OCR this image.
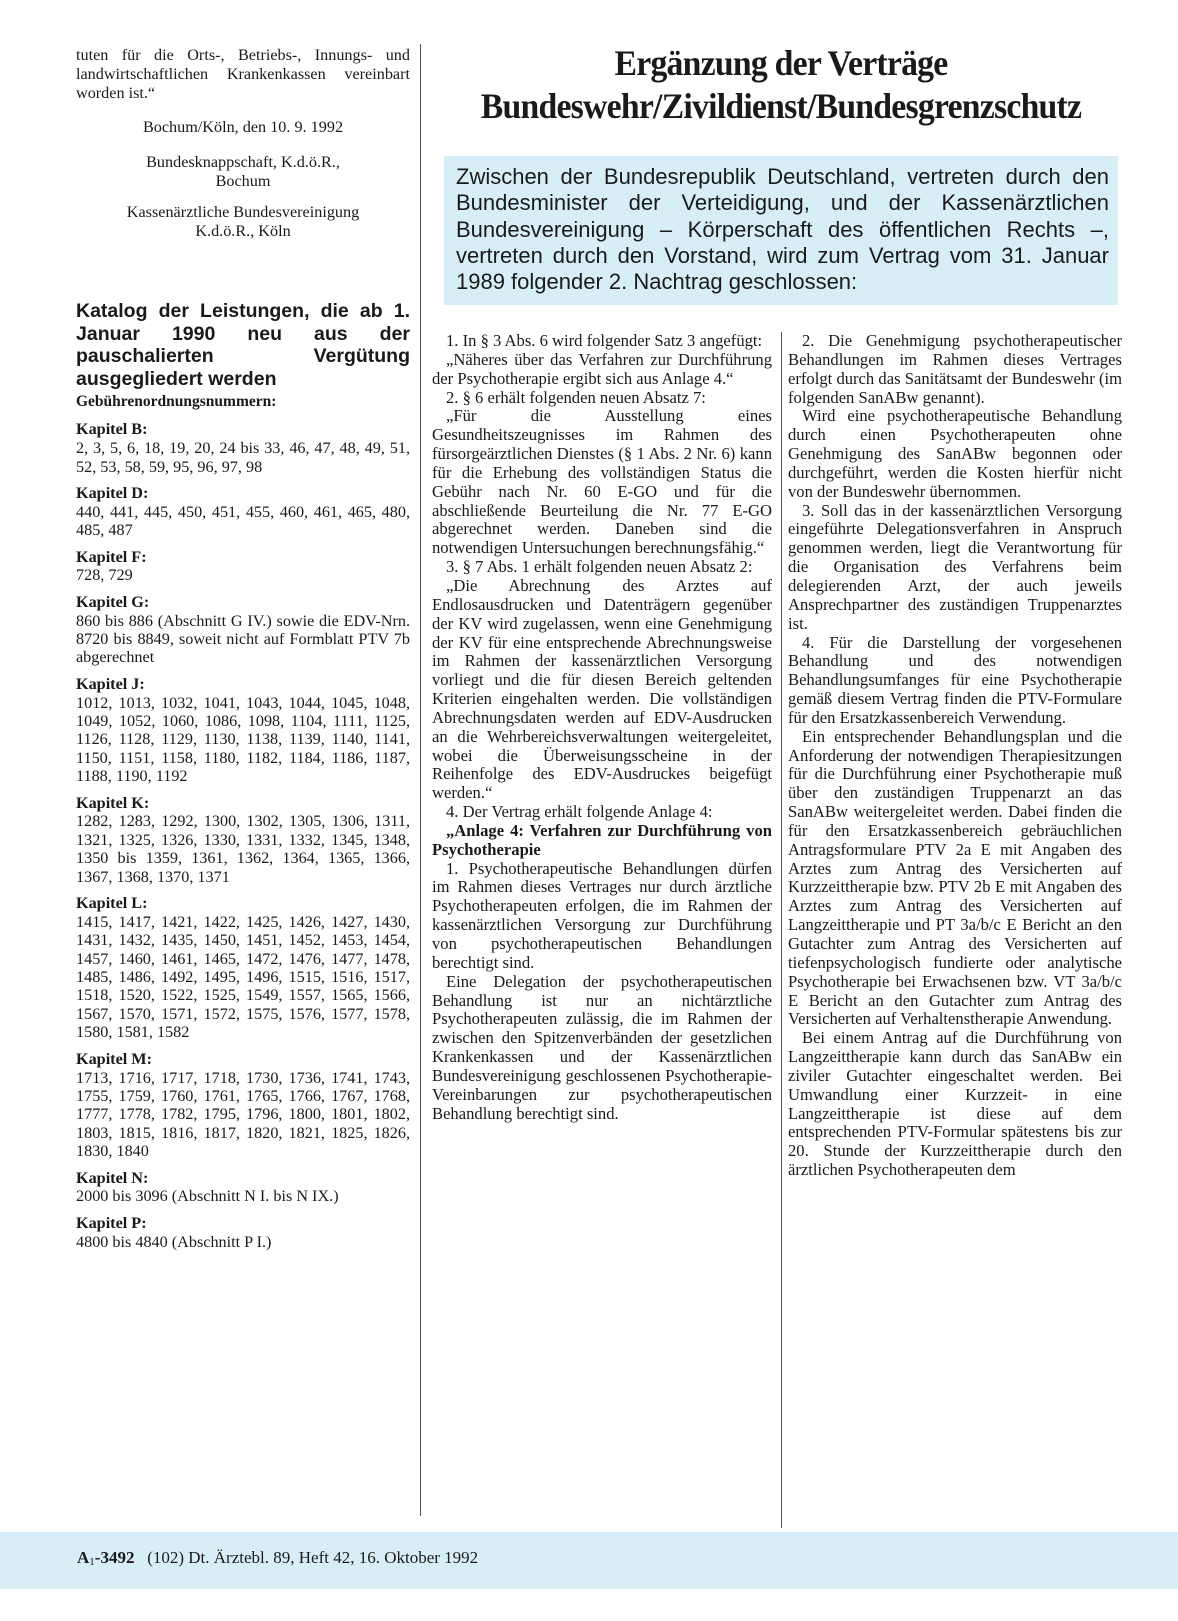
tuten für die Orts-, Betriebs-, Innungs- und landwirtschaftlichen Krankenkassen vereinbart worden ist.“

Bochum/Köln, den 10. 9. 1992

Bundesknappschaft, K.d.ö.R.,

Bochum

Kassenärztliche Bundesvereinigung

K.d.ö.R., Köln

Katalog der Leistungen, die ab 1. Januar 1990 neu aus der pauschalierten Vergütung ausgegliedert werden

Gebührenordnungsnummern:

Kapitel B:

2, 3, 5, 6, 18, 19, 20, 24 bis 33, 46, 47, 48, 49, 51, 52, 53, 58, 59, 95, 96, 97, 98

Kapitel D:

440, 441, 445, 450, 451, 455, 460, 461, 465, 480, 485, 487

Kapitel F:

728, 729

Kapitel G:

860 bis 886 (Abschnitt G IV.) sowie die EDV-Nrn. 8720 bis 8849, soweit nicht auf Formblatt PTV 7b abgerechnet

Kapitel J:

1012, 1013, 1032, 1041, 1043, 1044, 1045, 1048, 1049, 1052, 1060, 1086, 1098, 1104, 1111, 1125, 1126, 1128, 1129, 1130, 1138, 1139, 1140, 1141, 1150, 1151, 1158, 1180, 1182, 1184, 1186, 1187, 1188, 1190, 1192

Kapitel K:

1282, 1283, 1292, 1300, 1302, 1305, 1306, 1311, 1321, 1325, 1326, 1330, 1331, 1332, 1345, 1348, 1350 bis 1359, 1361, 1362, 1364, 1365, 1366, 1367, 1368, 1370, 1371

Kapitel L:

1415, 1417, 1421, 1422, 1425, 1426, 1427, 1430, 1431, 1432, 1435, 1450, 1451, 1452, 1453, 1454, 1457, 1460, 1461, 1465, 1472, 1476, 1477, 1478, 1485, 1486, 1492, 1495, 1496, 1515, 1516, 1517, 1518, 1520, 1522, 1525, 1549, 1557, 1565, 1566, 1567, 1570, 1571, 1572, 1575, 1576, 1577, 1578, 1580, 1581, 1582

Kapitel M:

1713, 1716, 1717, 1718, 1730, 1736, 1741, 1743, 1755, 1759, 1760, 1761, 1765, 1766, 1767, 1768, 1777, 1778, 1782, 1795, 1796, 1800, 1801, 1802, 1803, 1815, 1816, 1817, 1820, 1821, 1825, 1826, 1830, 1840

Kapitel N:

2000 bis 3096 (Abschnitt N I. bis N IX.)

Kapitel P:

4800 bis 4840 (Abschnitt P I.)

Ergänzung der Verträge
Bundeswehr/Zivildienst/Bundesgrenzschutz
Zwischen der Bundesrepublik Deutschland, vertreten durch den Bundesminister der Verteidigung, und der Kassenärztlichen Bundesvereinigung – Körperschaft des öffentlichen Rechts –, vertreten durch den Vorstand, wird zum Vertrag vom 31. Januar 1989 folgender 2. Nachtrag geschlossen:

1. In § 3 Abs. 6 wird folgender Satz 3 angefügt:

„Näheres über das Verfahren zur Durchführung der Psychotherapie ergibt sich aus Anlage 4.“

2. § 6 erhält folgenden neuen Absatz 7:

„Für die Ausstellung eines Gesundheitszeugnisses im Rahmen des fürsorgeärztlichen Dienstes (§ 1 Abs. 2 Nr. 6) kann für die Erhebung des vollständigen Status die Gebühr nach Nr. 60 E-GO und für die abschließende Beurteilung die Nr. 77 E-GO abgerechnet werden. Daneben sind die notwendigen Untersuchungen berechnungsfähig.“

3. § 7 Abs. 1 erhält folgenden neuen Absatz 2:

„Die Abrechnung des Arztes auf Endlosausdrucken und Datenträgern gegenüber der KV wird zugelassen, wenn eine Genehmigung der KV für eine entsprechende Abrechnungsweise im Rahmen der kassenärztlichen Versorgung vorliegt und die für diesen Bereich geltenden Kriterien eingehalten werden. Die vollständigen Abrechnungsdaten werden auf EDV-Ausdrucken an die Wehrbereichsverwaltungen weitergeleitet, wobei die Überweisungsscheine in der Reihenfolge des EDV-Ausdruckes beigefügt werden.“

4. Der Vertrag erhält folgende Anlage 4:

„Anlage 4: Verfahren zur Durchführung von Psychotherapie

1. Psychotherapeutische Behandlungen dürfen im Rahmen dieses Vertrages nur durch ärztliche Psychotherapeuten erfolgen, die im Rahmen der kassenärztlichen Versorgung zur Durchführung von psychotherapeutischen Behandlungen berechtigt sind.

Eine Delegation der psychotherapeutischen Behandlung ist nur an nichtärztliche Psychotherapeuten zulässig, die im Rahmen der zwischen den Spitzenverbänden der gesetzlichen Krankenkassen und der Kassenärztlichen Bundesvereinigung geschlossenen Psychotherapie-Vereinbarungen zur psychotherapeutischen Behandlung berechtigt sind.

2. Die Genehmigung psychotherapeutischer Behandlungen im Rahmen dieses Vertrages erfolgt durch das Sanitätsamt der Bundeswehr (im folgenden SanABw genannt).

Wird eine psychotherapeutische Behandlung durch einen Psychotherapeuten ohne Genehmigung des SanABw begonnen oder durchgeführt, werden die Kosten hierfür nicht von der Bundeswehr übernommen.

3. Soll das in der kassenärztlichen Versorgung eingeführte Delegationsverfahren in Anspruch genommen werden, liegt die Verantwortung für die Organisation des Verfahrens beim delegierenden Arzt, der auch jeweils Ansprechpartner des zuständigen Truppenarztes ist.

4. Für die Darstellung der vorgesehenen Behandlung und des notwendigen Behandlungsumfanges für eine Psychotherapie gemäß diesem Vertrag finden die PTV-Formulare für den Ersatzkassenbereich Verwendung.

Ein entsprechender Behandlungsplan und die Anforderung der notwendigen Therapiesitzungen für die Durchführung einer Psychotherapie muß über den zuständigen Truppenarzt an das SanABw weitergeleitet werden. Dabei finden die für den Ersatzkassenbereich gebräuchlichen Antragsformulare PTV 2a E mit Angaben des Arztes zum Antrag des Versicherten auf Kurzzeittherapie bzw. PTV 2b E mit Angaben des Arztes zum Antrag des Versicherten auf Langzeittherapie und PT 3a/b/c E Bericht an den Gutachter zum Antrag des Versicherten auf tiefenpsychologisch fundierte oder analytische Psychotherapie bei Erwachsenen bzw. VT 3a/b/c E Bericht an den Gutachter zum Antrag des Versicherten auf Verhaltenstherapie Anwendung.

Bei einem Antrag auf die Durchführung von Langzeittherapie kann durch das SanABw ein ziviler Gutachter eingeschaltet werden. Bei Umwandlung einer Kurzzeit- in eine Langzeittherapie ist diese auf dem entsprechenden PTV-Formular spätestens bis zur 20. Stunde der Kurzzeittherapie durch den ärztlichen Psychotherapeuten dem

A1-3492 (102) Dt. Ärztebl. 89, Heft 42, 16. Oktober 1992
